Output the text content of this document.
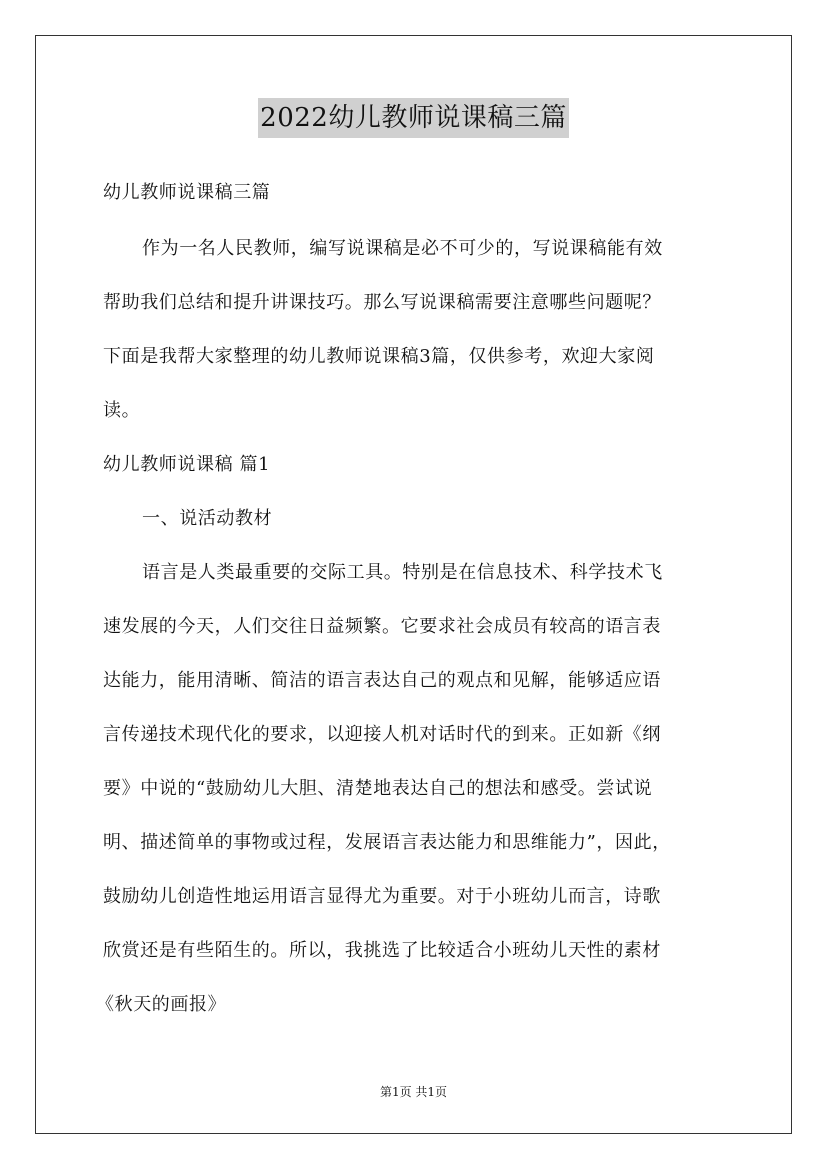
2022幼儿教师说课稿三篇
幼儿教师说课稿三篇
作为一名人民教师，编写说课稿是必不可少的，写说课稿能有效
帮助我们总结和提升讲课技巧。那么写说课稿需要注意哪些问题呢？
下面是我帮大家整理的幼儿教师说课稿3篇，仅供参考，欢迎大家阅
读。
幼儿教师说课稿 篇1
一、说活动教材
语言是人类最重要的交际工具。特别是在信息技术、科学技术飞
速发展的今天，人们交往日益频繁。它要求社会成员有较高的语言表
达能力，能用清晰、简洁的语言表达自己的观点和见解，能够适应语
言传递技术现代化的要求，以迎接人机对话时代的到来。正如新《纲
要》中说的“鼓励幼儿大胆、清楚地表达自己的想法和感受。尝试说
明、描述简单的事物或过程，发展语言表达能力和思维能力”，因此，
鼓励幼儿创造性地运用语言显得尤为重要。对于小班幼儿而言，诗歌
欣赏还是有些陌生的。所以，我挑选了比较适合小班幼儿天性的素材
《秋天的画报》
第1页 共1页
